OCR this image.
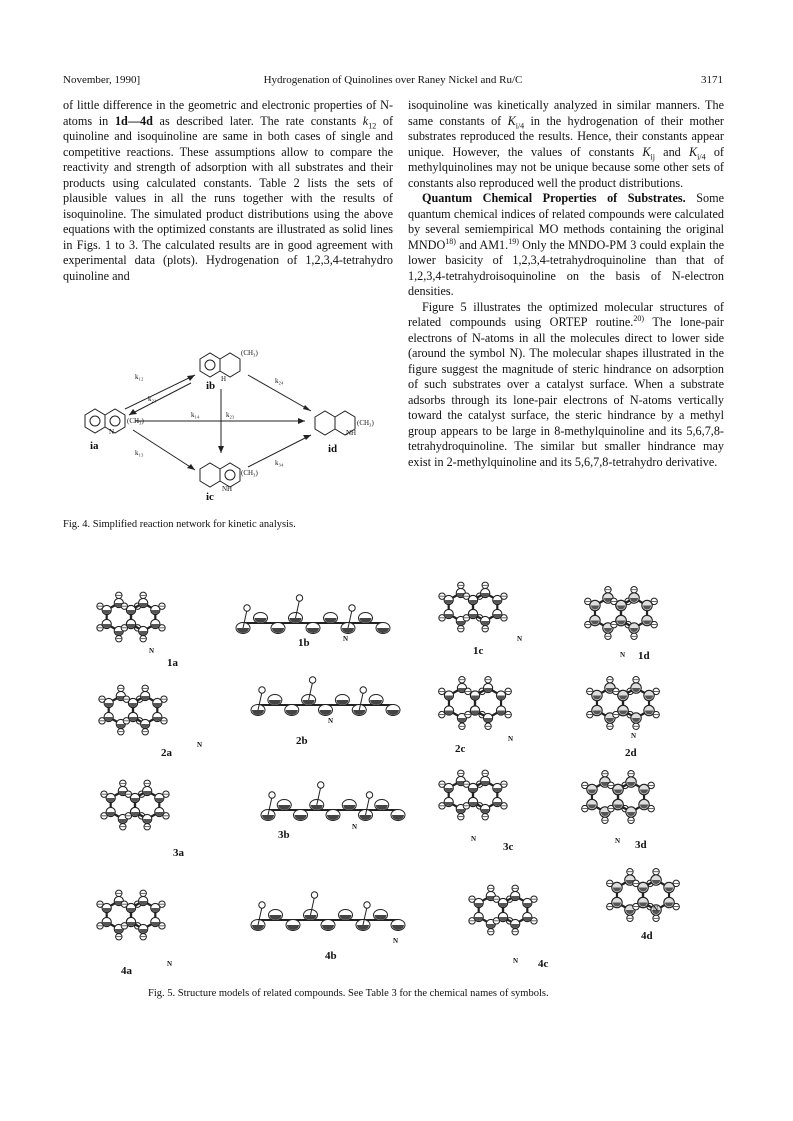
November, 1990]	Hydrogenation of Quinolines over Raney Nickel and Ru/C	3171

of little difference in the geometric and electronic properties of N-atoms in 1d—4d as described later. The rate constants $k_{12}$ of quinoline and isoquinoline are same in both cases of single and competitive reactions. These assumptions allow to compare the reactivity and strength of adsorption with all substrates and their products using calculated constants. Table 2 lists the sets of plausible values in all the runs together with the results of isoquinoline. The simulated product distributions using the above equations with the optimized constants are illustrated as solid lines in Figs. 1 to 3. The calculated results are in good agreement with experimental data (plots). Hydrogenation of 1,2,3,4-tetrahydro quinoline and

isoquinoline was kinetically analyzed in similar manners. The same constants of $K_{i/4}$ in the hydrogenation of their mother substrates reproduced the results. Hence, their constants appear unique. However, the values of constants $K_{ij}$ and $K_{i/4}$ of methylquinolines may not be unique because some other sets of constants also reproduced well the product distributions.

Quantum Chemical Properties of Substrates. Some quantum chemical indices of related compounds were calculated by several semiempirical MO methods containing the original MNDO$^{18)}$ and AM1.$^{19)}$ Only the MNDO-PM 3 could explain the lower basicity of 1,2,3,4-tetrahydroquinoline than that of 1,2,3,4-tetrahydroisoquinoline on the basis of N-electron densities.

Figure 5 illustrates the optimized molecular structures of related compounds using ORTEP routine.$^{20)}$ The lone-pair electrons of N-atoms in all the molecules direct to lower side (around the symbol N). The molecular shapes illustrated in the figure suggest the magnitude of steric hindrance on adsorption of such substrates over a catalyst surface. When a substrate adsorbs through its lone-pair electrons of N-atoms vertically toward the catalyst surface, the steric hindrance by a methyl group appears to be large in 8-methylquinoline and its 5,6,7,8-tetrahydroquinoline. The similar but smaller hindrance may exist in 2-methylquinoline and its 5,6,7,8-tetrahydro derivative.

ia
ib
ic
id
(CH₃)
(CH₃)
(CH₃)
(CH₃)
N
H
NH
NH
k₁₂
k₂₁
k₁₃
k₁₄
k₂₄
k₃₄
k₂₃
Fig. 4. Simplified reaction network for kinetic analysis.
1a
1b
1c	1d
2a
2b
2c	2d
3a
3b
3c	3d
4a
4b
4c
4d
N
N	N
N
N
N
N	N
N
N	N
N
N
N
N
Fig. 5. Structure models of related compounds. See Table 3 for the chemical names of symbols.
